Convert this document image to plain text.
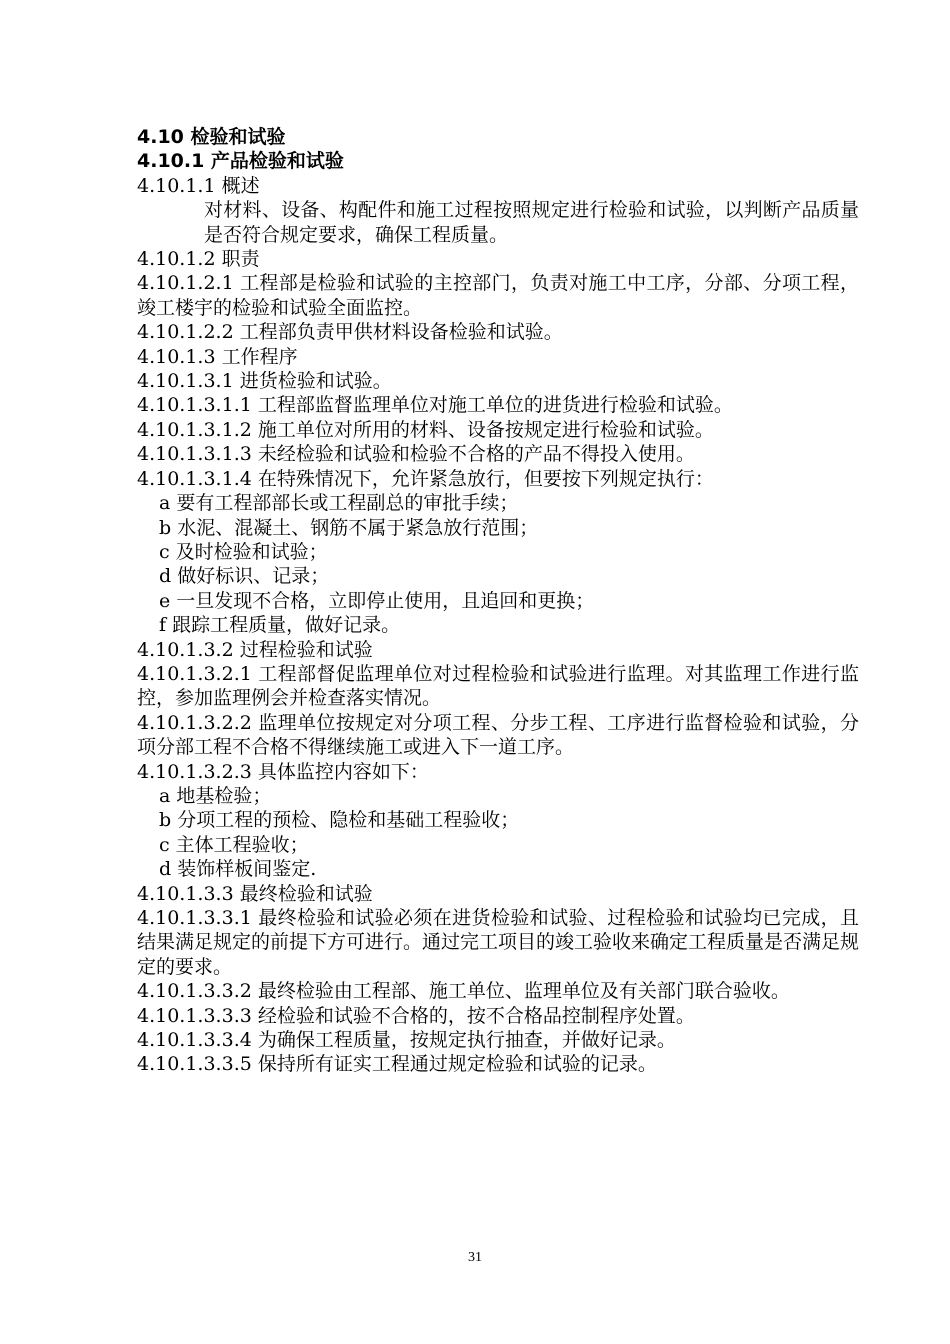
4.10 检验和试验
4.10.1 产品检验和试验
4.10.1.1 概述
对材料、设备、构配件和施工过程按照规定进行检验和试验，以判断产品质量是否符合规定要求，确保工程质量。
4.10.1.2 职责
4.10.1.2.1 工程部是检验和试验的主控部门，负责对施工中工序，分部、分项工程，竣工楼宇的检验和试验全面监控。
4.10.1.2.2 工程部负责甲供材料设备检验和试验。
4.10.1.3 工作程序
4.10.1.3.1 进货检验和试验。
4.10.1.3.1.1 工程部监督监理单位对施工单位的进货进行检验和试验。
4.10.1.3.1.2 施工单位对所用的材料、设备按规定进行检验和试验。
4.10.1.3.1.3 未经检验和试验和检验不合格的产品不得投入使用。
4.10.1.3.1.4 在特殊情况下，允许紧急放行，但要按下列规定执行：
a 要有工程部部长或工程副总的审批手续；
b 水泥、混凝土、钢筋不属于紧急放行范围；
c 及时检验和试验；
d 做好标识、记录；
e 一旦发现不合格，立即停止使用，且追回和更换；
f 跟踪工程质量，做好记录。
4.10.1.3.2 过程检验和试验
4.10.1.3.2.1 工程部督促监理单位对过程检验和试验进行监理。对其监理工作进行监控，参加监理例会并检查落实情况。
4.10.1.3.2.2 监理单位按规定对分项工程、分步工程、工序进行监督检验和试验，分项分部工程不合格不得继续施工或进入下一道工序。
4.10.1.3.2.3 具体监控内容如下：
a 地基检验；
b 分项工程的预检、隐检和基础工程验收；
c 主体工程验收；
d 装饰样板间鉴定.
4.10.1.3.3 最终检验和试验
4.10.1.3.3.1 最终检验和试验必须在进货检验和试验、过程检验和试验均已完成，且结果满足规定的前提下方可进行。通过完工项目的竣工验收来确定工程质量是否满足规定的要求。
4.10.1.3.3.2 最终检验由工程部、施工单位、监理单位及有关部门联合验收。
4.10.1.3.3.3 经检验和试验不合格的，按不合格品控制程序处置。
4.10.1.3.3.4 为确保工程质量，按规定执行抽查，并做好记录。
4.10.1.3.3.5 保持所有证实工程通过规定检验和试验的记录。
31
